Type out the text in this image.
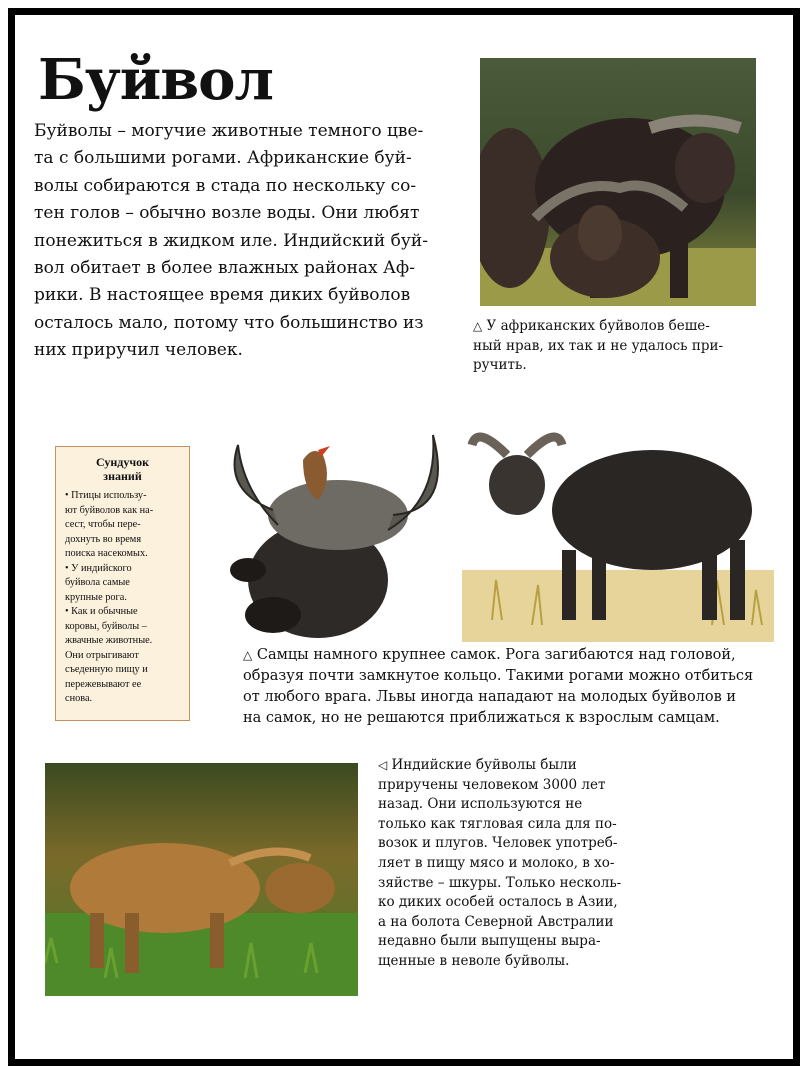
Буйвол
Буйволы – могучие животные темного цве-
та с большими рогами. Африканские буй-
волы собираются в стада по нескольку со-
тен голов – обычно возле воды. Они любят
понежиться в жидком иле. Индийский буй-
вол обитает в более влажных районах Аф-
рики. В настоящее время диких буйволов
осталось мало, потому что большинство из
них приручил человек.
△ У африканских буйволов беше-
ный нрав, их так и не удалось при-
ручить.
Сундучок
знаний

• Птицы использу-
ют буйволов как на-
сест, чтобы пере-
дохнуть во время
поиска насекомых.
• У индийского
буйвола самые
крупные рога.
• Как и обычные
коровы, буйволы –
жвачные животные.
Они отрыгивают
съеденную пищу и
пережевывают ее
снова.

△ Самцы намного крупнее самок. Рога загибаются над головой,
образуя почти замкнутое кольцо. Такими рогами можно отбиться
от любого врага. Львы иногда нападают на молодых буйволов и
на самок, но не решаются приближаться к взрослым самцам.
◁ Индийские буйволы были
приручены человеком 3000 лет
назад. Они используются не
только как тягловая сила для по-
возок и плугов. Человек употреб-
ляет в пищу мясо и молоко, в хо-
зяйстве – шкуры. Только несколь-
ко диких особей осталось в Азии,
а на болота Северной Австралии
недавно были выпущены выра-
щенные в неволе буйволы.
